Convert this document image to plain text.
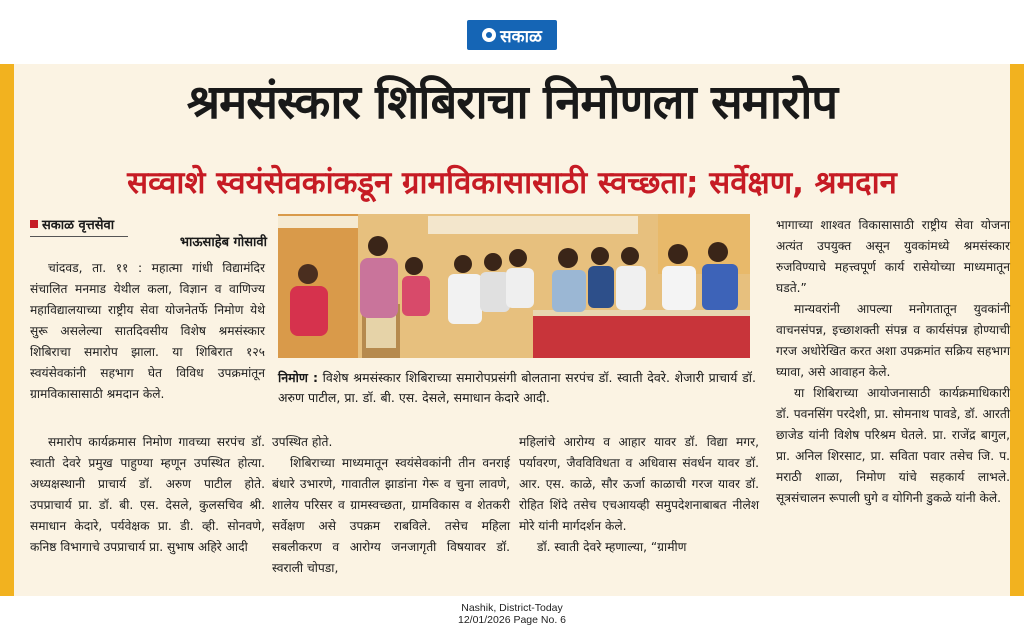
सकाळ
श्रमसंस्कार शिबिराचा निमोणला समारोप
सव्वाशे स्वयंसेवकांकडून ग्रामविकासासाठी स्वच्छता; सर्वेक्षण, श्रमदान
सकाळ वृत्तसेवा
भाऊसाहेब गोसावी

चांदवड, ता. ११ : महात्मा गांधी विद्यामंदिर संचालित मनमाड येथील कला, विज्ञान व वाणिज्य महाविद्यालयाच्या राष्ट्रीय सेवा योजनेतर्फे निमोण येथे सुरू असलेल्या सातदिवसीय विशेष श्रमसंस्कार शिबिराचा समारोप झाला. या शिबिरात १२५ स्वयंसेवकांनी सहभाग घेत विविध उपक्रमांतून ग्रामविकासासाठी श्रमदान केले.

समारोप कार्यक्रमास निमोण गावच्या सरपंच डॉ. स्वाती देवरे प्रमुख पाहुण्या म्हणून उपस्थित होत्या. अध्यक्षस्थानी प्राचार्य डॉ. अरुण पाटील होते. उपप्राचार्य प्रा. डॉ. बी. एस. देसले, कुलसचिव श्री. समाधान केदारे, पर्यवेक्षक प्रा. डी. व्ही. सोनवणे, कनिष्ठ विभागाचे उपप्राचार्य प्रा. सुभाष अहिरे आदी

निमोण : विशेष श्रमसंस्कार शिबिराच्या समारोपप्रसंगी बोलताना सरपंच डॉ. स्वाती देवरे. शेजारी प्राचार्य डॉ. अरुण पाटील, प्रा. डॉ. बी. एस. देसले, समाधान केदारे आदी.

उपस्थित होते.

शिबिराच्या माध्यमातून स्वयंसेवकांनी तीन वनराई बंधारे उभारणे, गावातील झाडांना गेरू व चुना लावणे, शालेय परिसर व ग्रामस्वच्छता, ग्रामविकास व शेतकरी सर्वेक्षण असे उपक्रम राबविले. तसेच महिला सबलीकरण व आरोग्य जनजागृती विषयावर डॉ. स्वराली चोपडा,

महिलांचे आरोग्य व आहार यावर डॉ. विद्या मगर, पर्यावरण, जैवविविधता व अधिवास संवर्धन यावर डॉ. आर. एस. काळे, सौर ऊर्जा काळाची गरज यावर डॉ. रोहित शिंदे तसेच एचआयव्ही समुपदेशनाबाबत नीलेश मोरे यांनी मार्गदर्शन केले.

डॉ. स्वाती देवरे म्हणाल्या, “ग्रामीण

भागाच्या शाश्वत विकासासाठी राष्ट्रीय सेवा योजना अत्यंत उपयुक्त असून युवकांमध्ये श्रमसंस्कार रुजविण्याचे महत्त्वपूर्ण कार्य रासेयोच्या माध्यमातून घडते.”

मान्यवरांनी आपल्या मनोगतातून युवकांनी वाचनसंपन्न, इच्छाशक्ती संपन्न व कार्यसंपन्न होण्याची गरज अधोरेखित करत अशा उपक्रमांत सक्रिय सहभाग घ्यावा, असे आवाहन केले.

या शिबिराच्या आयोजनासाठी कार्यक्रमाधिकारी डॉ. पवनसिंग परदेशी, प्रा. सोमनाथ पावडे, डॉ. आरती छाजेड यांनी विशेष परिश्रम घेतले. प्रा. राजेंद्र बागुल, प्रा. अनिल शिरसाट, प्रा. सविता पवार तसेच जि. प. मराठी शाळा, निमोण यांचे सहकार्य लाभले. सूत्रसंचालन रूपाली घुगे व योगिनी डुकळे यांनी केले.

Nashik, District-Today
12/01/2026 Page No. 6
